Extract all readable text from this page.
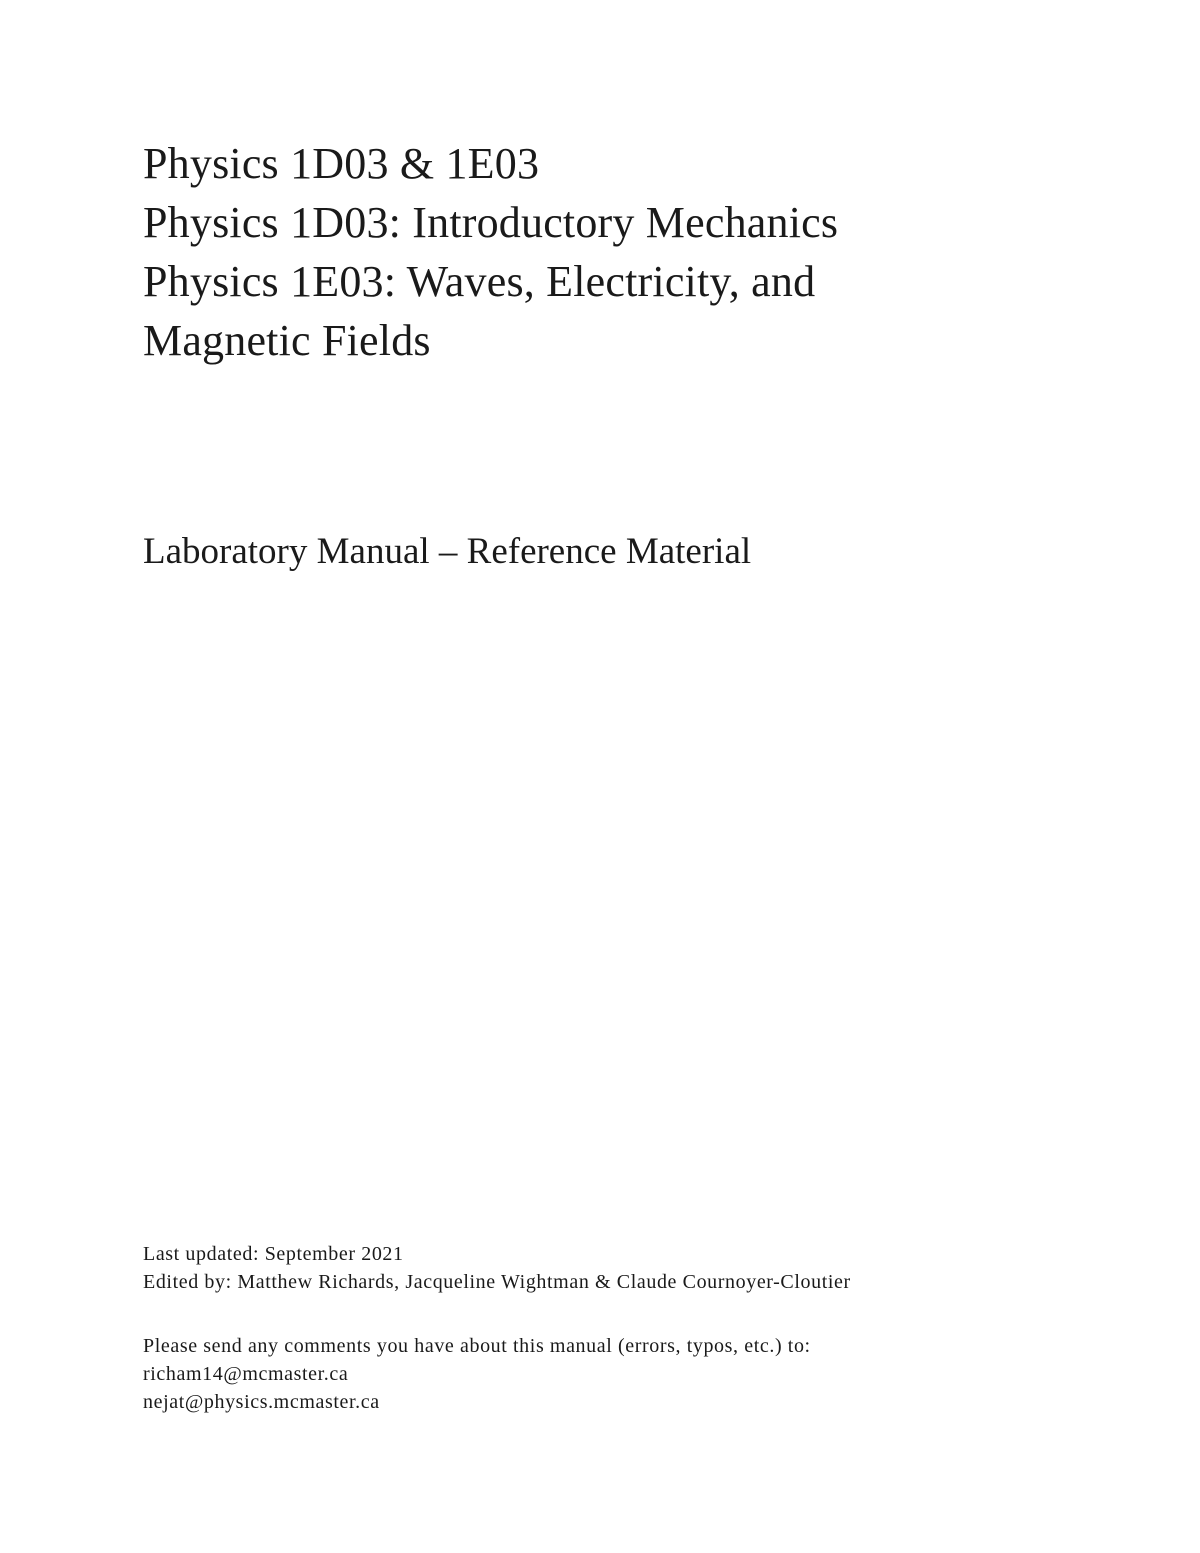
Physics 1D03 & 1E03

Physics 1D03: Introductory Mechanics

Physics 1E03: Waves, Electricity, and

Magnetic Fields

Laboratory Manual – Reference Material

Last updated: September 2021

Edited by: Matthew Richards, Jacqueline Wightman & Claude Cournoyer-Cloutier

Please send any comments you have about this manual (errors, typos, etc.) to:

richam14@mcmaster.ca

nejat@physics.mcmaster.ca
